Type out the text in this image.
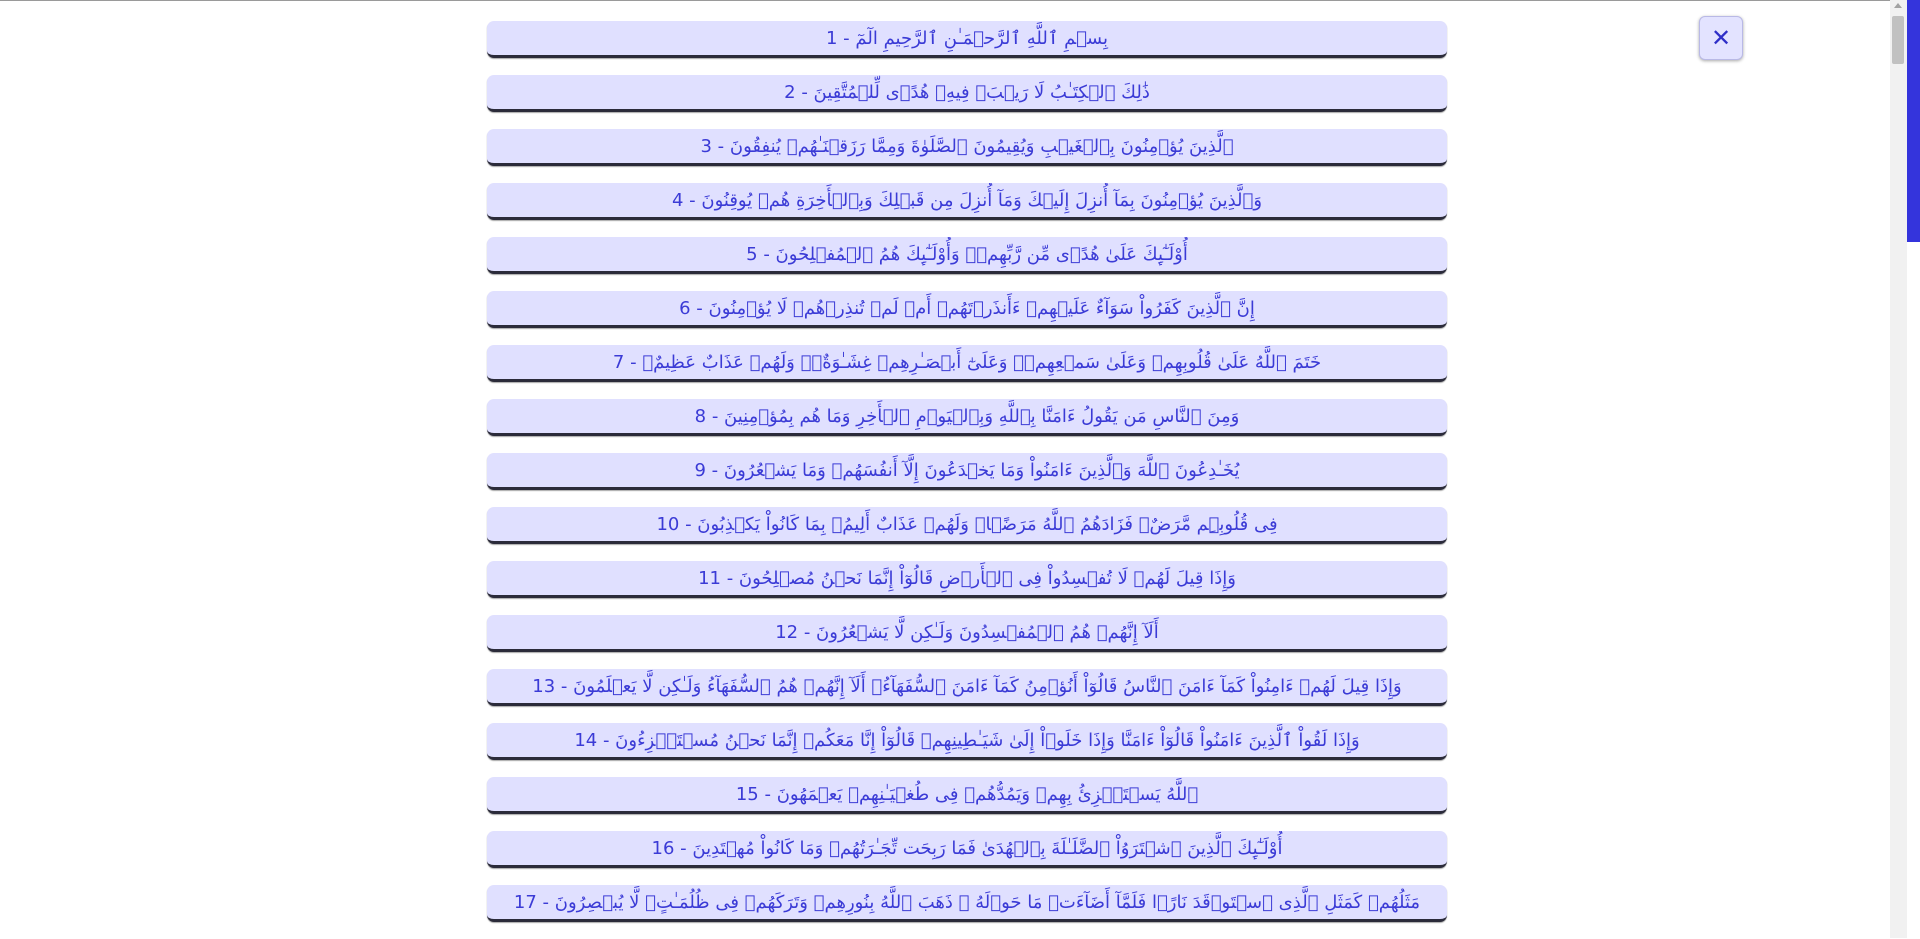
بِسۡمِ ٱللَّهِ ٱلرَّحۡمَـٰنِ ٱلرَّحِيمِ الٓمٓ - 1
ذَٰلِكَ ٱلۡكِتَـٰبُ لَا رَيۡبَۛ فِيهِۛ هُدً۬ى لِّلۡمُتَّقِينَ - 2
ٱلَّذِينَ يُؤۡمِنُونَ بِٱلۡغَيۡبِ وَيُقِيمُونَ ٱلصَّلَوٰةَ وَمِمَّا رَزَقۡنَـٰهُمۡ يُنفِقُونَ - 3
وَٱلَّذِينَ يُؤۡمِنُونَ بِمَآ أُنزِلَ إِلَيۡكَ وَمَآ أُنزِلَ مِن قَبۡلِكَ وَبِٱلۡأَخِرَةِ هُمۡ يُوقِنُونَ - 4
أُوْلَـٰٓٮِٕكَ عَلَىٰ هُدً۬ى مِّن رَّبِّهِمۡۖ وَأُوْلَـٰٓٮِٕكَ هُمُ ٱلۡمُفۡلِحُونَ - 5
إِنَّ ٱلَّذِينَ كَفَرُواْ سَوَآءٌ عَلَيۡهِمۡ ءَأَنذَرۡتَهُمۡ أَمۡ لَمۡ تُنذِرۡهُمۡ لَا يُؤۡمِنُونَ - 6
خَتَمَ ٱللَّهُ عَلَىٰ قُلُوبِهِمۡ وَعَلَىٰ سَمۡعِهِمۡۖ وَعَلَىٰٓ أَبۡصَـٰرِهِمۡ غِشَـٰوَةٌ۬ۖ وَلَهُمۡ عَذَابٌ عَظِيمٌ۬ - 7
وَمِنَ ٱلنَّاسِ مَن يَقُولُ ءَامَنَّا بِٱللَّهِ وَبِٱلۡيَوۡمِ ٱلۡأَخِرِ وَمَا هُم بِمُؤۡمِنِينَ - 8
يُخَـٰدِعُونَ ٱللَّهَ وَٱلَّذِينَ ءَامَنُواْ وَمَا يَخۡدَعُونَ إِلَّآ أَنفُسَهُمۡ وَمَا يَشۡعُرُونَ - 9
فِى قُلُوبِہِم مَّرَضٌ۬ فَزَادَهُمُ ٱللَّهُ مَرَضً۬اۖ وَلَهُمۡ عَذَابٌ أَلِيمُۢ بِمَا كَانُواْ يَكۡذِبُونَ - 10
وَإِذَا قِيلَ لَهُمۡ لَا تُفۡسِدُواْ فِى ٱلۡأَرۡضِ قَالُوٓاْ إِنَّمَا نَحۡنُ مُصۡلِحُونَ - 11
أَلَآ إِنَّهُمۡ هُمُ ٱلۡمُفۡسِدُونَ وَلَـٰكِن لَّا يَشۡعُرُونَ - 12
وَإِذَا قِيلَ لَهُمۡ ءَامِنُواْ كَمَآ ءَامَنَ ٱلنَّاسُ قَالُوٓاْ أَنُؤۡمِنُ كَمَآ ءَامَنَ ٱلسُّفَهَآءُۗ أَلَآ إِنَّهُمۡ هُمُ ٱلسُّفَهَآءُ وَلَـٰكِن لَّا يَعۡلَمُونَ - 13
وَإِذَا لَقُواْ ٱلَّذِينَ ءَامَنُواْ قَالُوٓاْ ءَامَنَّا وَإِذَا خَلَوۡاْ إِلَىٰ شَيَـٰطِينِهِمۡ قَالُوٓاْ إِنَّا مَعَكُمۡ إِنَّمَا نَحۡنُ مُسۡتَہۡزِءُونَ - 14
ٱللَّهُ يَسۡتَہۡزِئُ بِهِمۡ وَيَمُدُّهُمۡ فِى طُغۡيَـٰنِهِمۡ يَعۡمَهُونَ - 15
أُوْلَـٰٓٮِٕكَ ٱلَّذِينَ ٱشۡتَرَوُاْ ٱلضَّلَـٰلَةَ بِٱلۡهُدَىٰ فَمَا رَبِحَت تِّجَـٰرَتُهُمۡ وَمَا كَانُواْ مُهۡتَدِينَ - 16
مَثَلُهُمۡ كَمَثَلِ ٱلَّذِى ٱسۡتَوۡقَدَ نَارً۬ا فَلَمَّآ أَضَآءَتۡ مَا حَوۡلَهُ ۥ ذَهَبَ ٱللَّهُ بِنُورِهِمۡ وَتَرَكَهُمۡ فِى ظُلُمَـٰتٍ۬ لَّا يُبۡصِرُونَ - 17
✕
